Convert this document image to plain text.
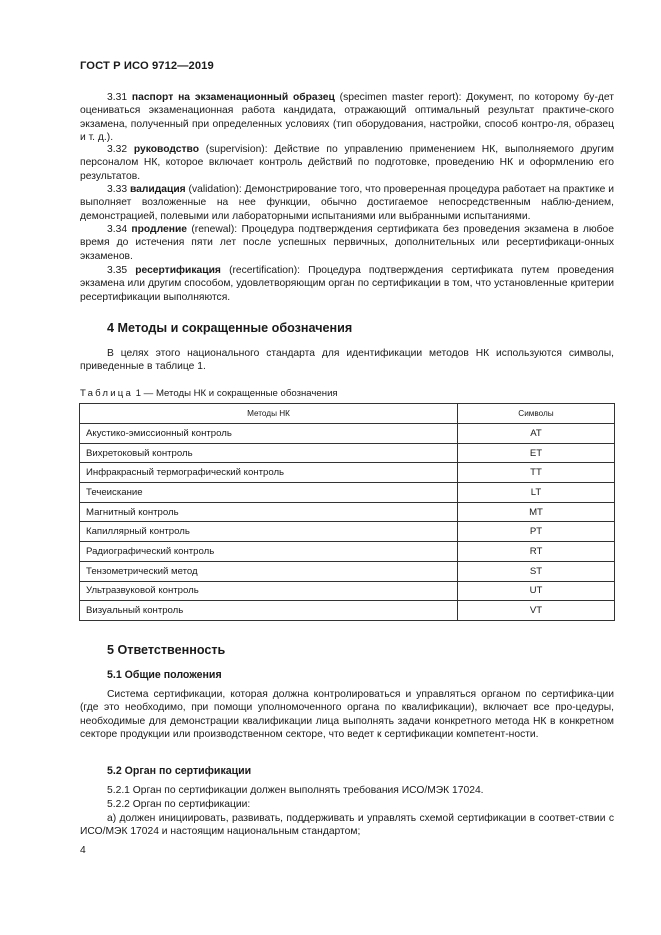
ГОСТ Р ИСО 9712—2019
3.31 паспорт на экзаменационный образец (specimen master report): Документ, по которому бу-дет оцениваться экзаменационная работа кандидата, отражающий оптимальный результат практиче-ского экзамена, полученный при определенных условиях (тип оборудования, настройки, способ контро-ля, образец и т. д.).
3.32 руководство (supervision): Действие по управлению применением НК, выполняемого другим персоналом НК, которое включает контроль действий по подготовке, проведению НК и оформлению его результатов.
3.33 валидация (validation): Демонстрирование того, что проверенная процедура работает на практике и выполняет возложенные на нее функции, обычно достигаемое непосредственным наблю-дением, демонстрацией, полевыми или лабораторными испытаниями или выбранными испытаниями.
3.34 продление (renewal): Процедура подтверждения сертификата без проведения экзамена в любое время до истечения пяти лет после успешных первичных, дополнительных или ресертификаци-онных экзаменов.
3.35 ресертификация (recertification): Процедура подтверждения сертификата путем проведения экзамена или другим способом, удовлетворяющим орган по сертификации в том, что установленные критерии ресертификации выполняются.
4 Методы и сокращенные обозначения
В целях этого национального стандарта для идентификации методов НК используются символы, приведенные в таблице 1.
Таблица 1 — Методы НК и сокращенные обозначения
Методы НК	Символы
Акустико-эмиссионный контроль	AT
Вихретоковый контроль	ET
Инфракрасный термографический контроль	TT
Течеискание	LT
Магнитный контроль	MT
Капиллярный контроль	PT
Радиографический контроль	RT
Тензометрический метод	ST
Ультразвуковой контроль	UT
Визуальный контроль	VT
5 Ответственность
5.1 Общие положения
Система сертификации, которая должна контролироваться и управляться органом по сертифика-ции (где это необходимо, при помощи уполномоченного органа по квалификации), включает все про-цедуры, необходимые для демонстрации квалификации лица выполнять задачи конкретного метода НК в конкретном секторе продукции или производственном секторе, что ведет к сертификации компетент-ности.
5.2 Орган по сертификации
5.2.1 Орган по сертификации должен выполнять требования ИСО/МЭК 17024.
5.2.2 Орган по сертификации:
а) должен инициировать, развивать, поддерживать и управлять схемой сертификации в соответ-ствии с ИСО/МЭК 17024 и настоящим национальным стандартом;
4
